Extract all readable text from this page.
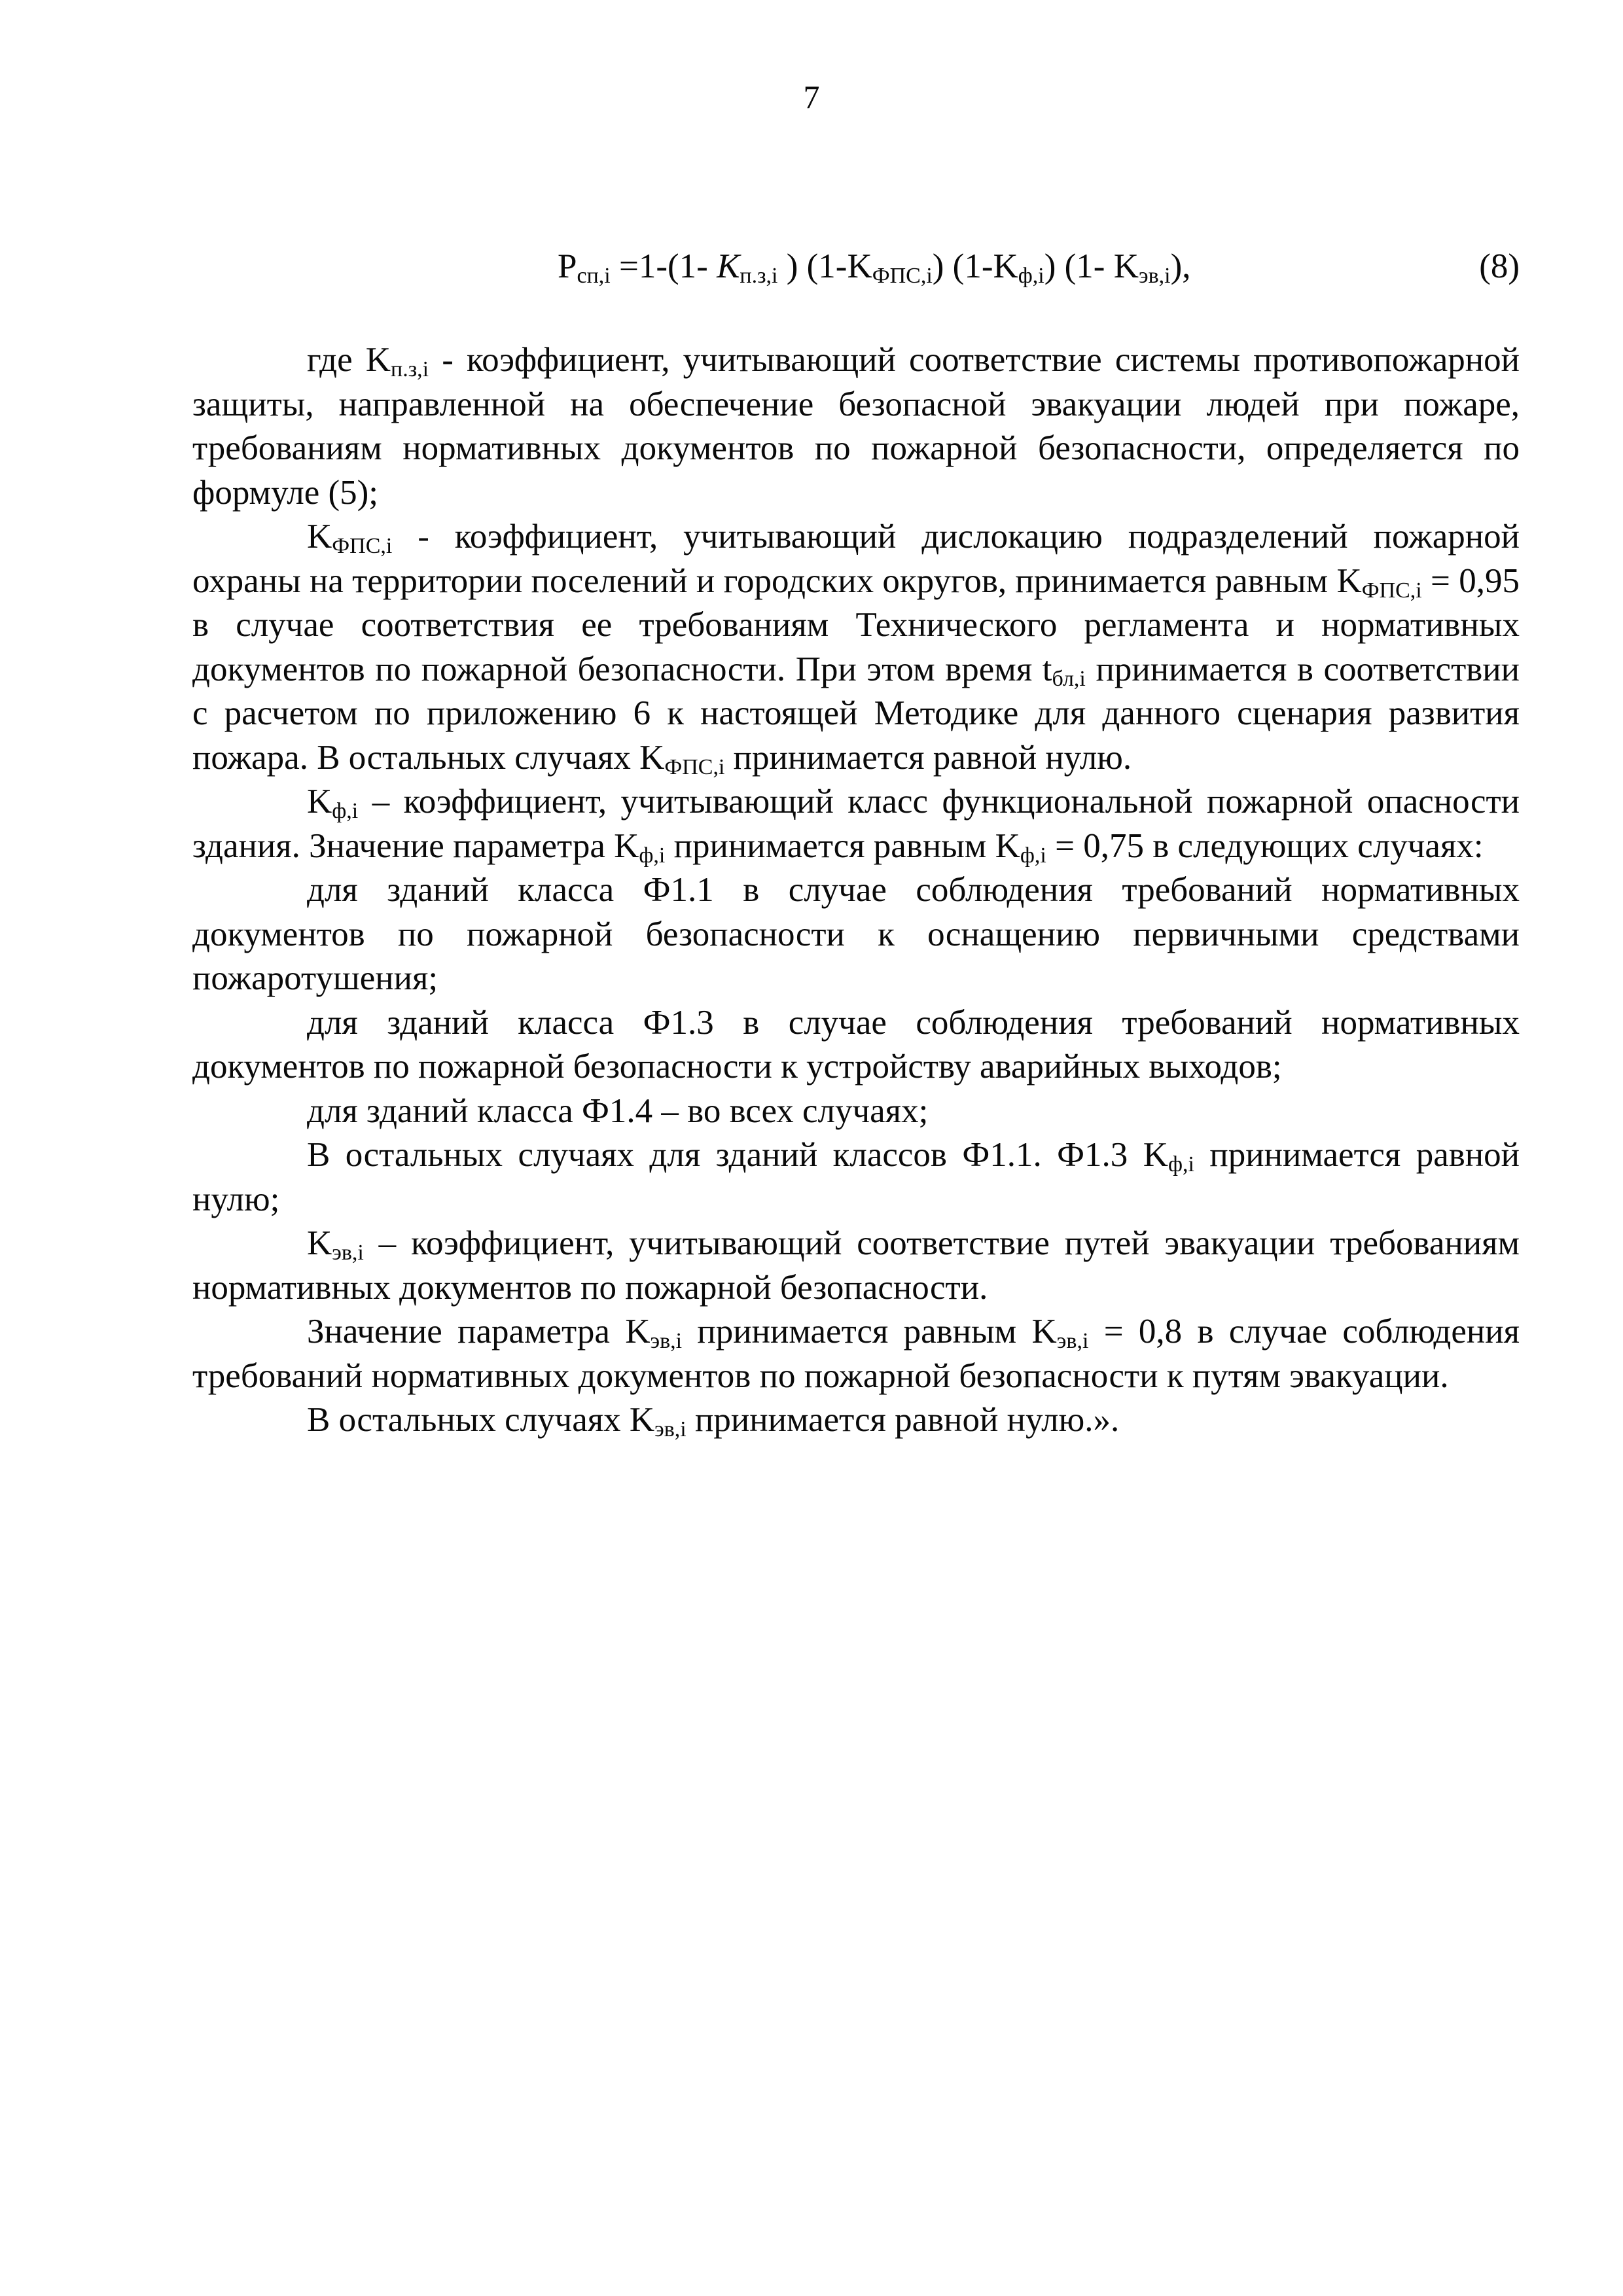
7
$P_{сп,i} =1-(1-$ $K_{п.з,i}$ ) $(1-K_{ФПС,i})$ $(1-K_{ф,i})$ (1- $K_{эв,i}$),	(8)

где $K_{п.з,i}$ - коэффициент, учитывающий соответствие системы противопожарной защиты, направленной на обеспечение безопасной эвакуации людей при пожаре, требованиям нормативных документов по пожарной безопасности, определяется по формуле (5);

$K_{ФПС,i}$ - коэффициент, учитывающий дислокацию подразделений пожарной охраны на территории поселений и городских округов, принимается равным $K_{ФПС,i} = 0,95$ в случае соответствия ее требованиям Технического регламента и нормативных документов по пожарной безопасности. При этом время $t_{бл,i}$ принимается в соответствии с расчетом по приложению 6 к настоящей Методике для данного сценария развития пожара. В остальных случаях $K_{ФПС,i}$ принимается равной нулю.

$K_{ф,i}$ – коэффициент, учитывающий класс функциональной пожарной опасности здания. Значение параметра $K_{ф,i}$ принимается равным $K_{ф,i} = 0,75$ в следующих случаях:

для зданий класса Ф1.1 в случае соблюдения требований нормативных документов по пожарной безопасности к оснащению первичными средствами пожаротушения;

для зданий класса Ф1.3 в случае соблюдения требований нормативных документов по пожарной безопасности к устройству аварийных выходов;

для зданий класса Ф1.4 – во всех случаях;

В остальных случаях для зданий классов Ф1.1. Ф1.3 $K_{ф,i}$ принимается равной нулю;

$K_{эв,i}$ – коэффициент, учитывающий соответствие путей эвакуации требованиям нормативных документов по пожарной безопасности.

Значение параметра $K_{эв,i}$ принимается равным $K_{эв,i} = 0,8$ в случае соблюдения требований нормативных документов по пожарной безопасности к путям эвакуации.

В остальных случаях $K_{эв,i}$ принимается равной нулю.».
